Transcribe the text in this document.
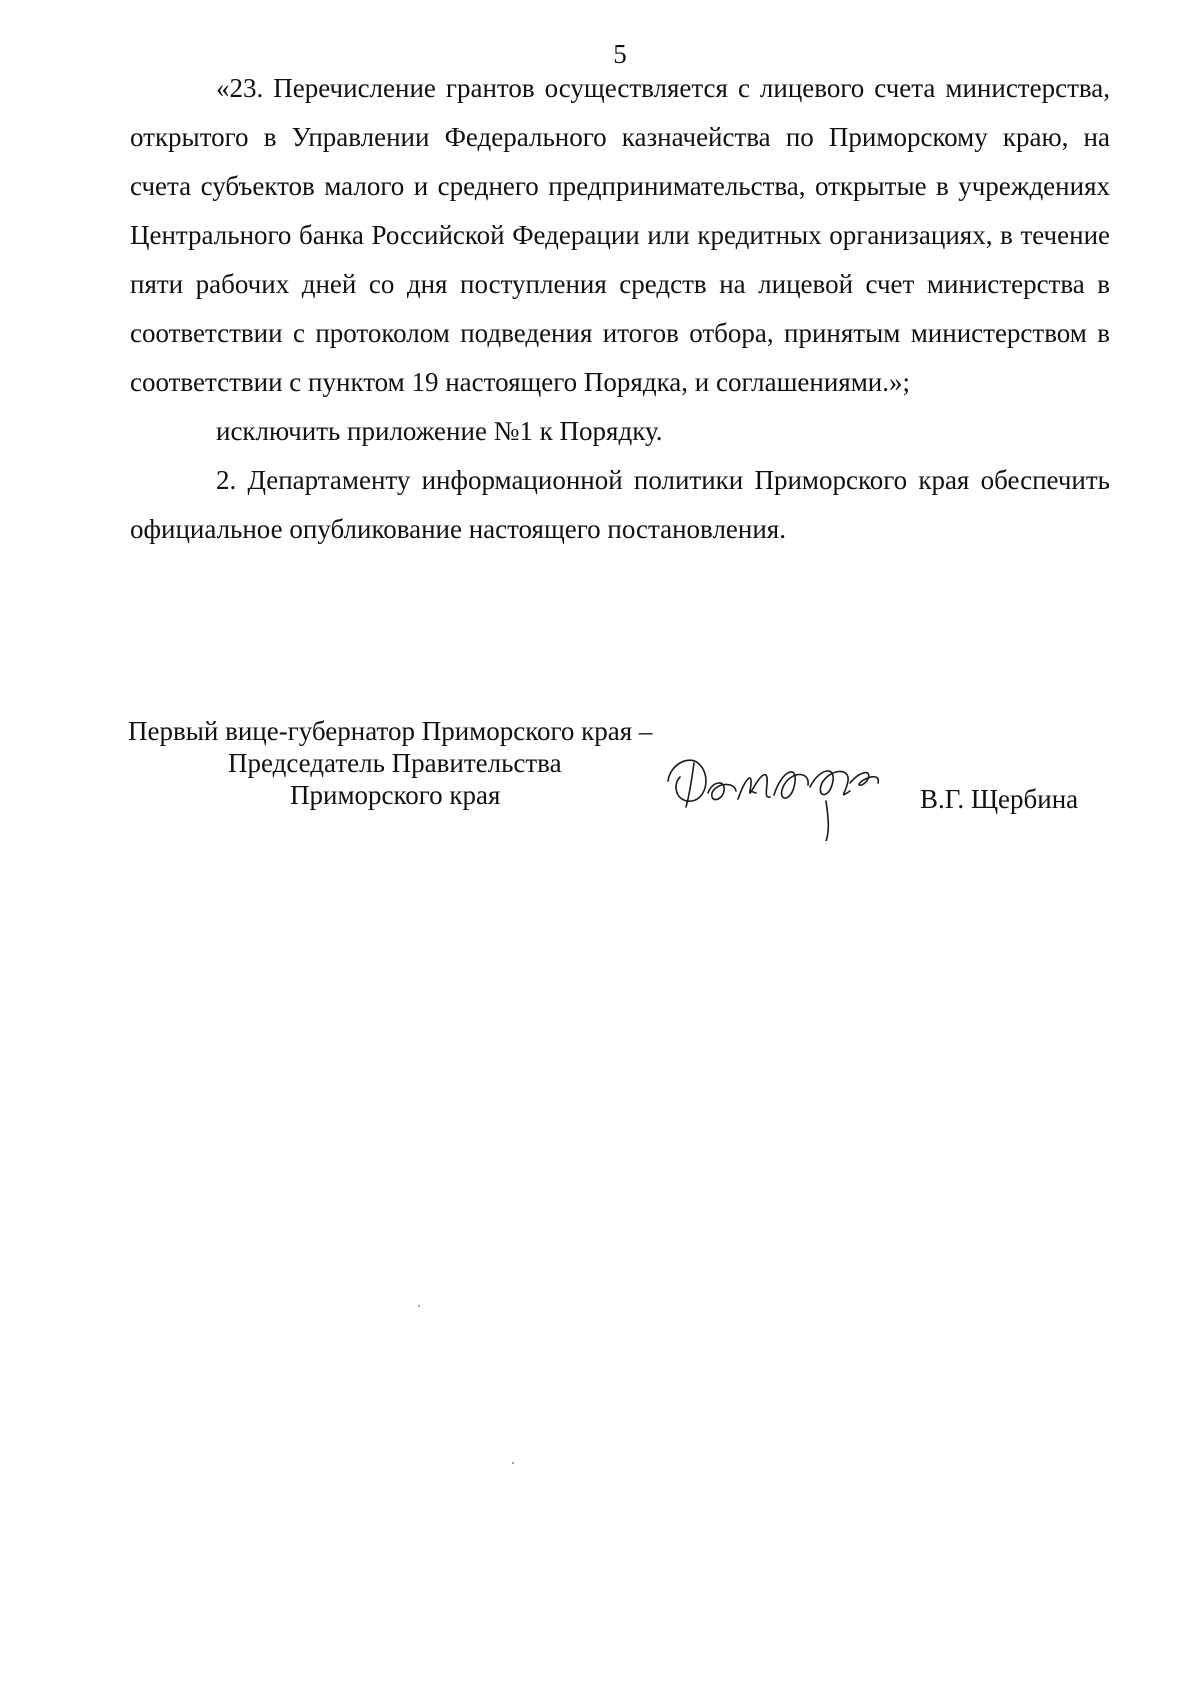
5

«23. Перечисление грантов осуществляется с лицевого счета министерства, открытого в Управлении Федерального казначейства по Приморскому краю, на счета субъектов малого и среднего предпринимательства, открытые в учреждениях Центрального банка Российской Федерации или кредитных организациях, в течение пяти рабочих дней со дня поступления средств на лицевой счет министерства в соответствии с протоколом подведения итогов отбора, принятым министерством в соответствии с пунктом 19 настоящего Порядка, и соглашениями.»;

исключить приложение №1 к Порядку.

2. Департаменту информационной политики Приморского края обеспечить официальное опубликование настоящего постановления.

Первый вице-губернатор Приморского края –
Председатель Правительства
Приморского края	В.Г. Щербина
